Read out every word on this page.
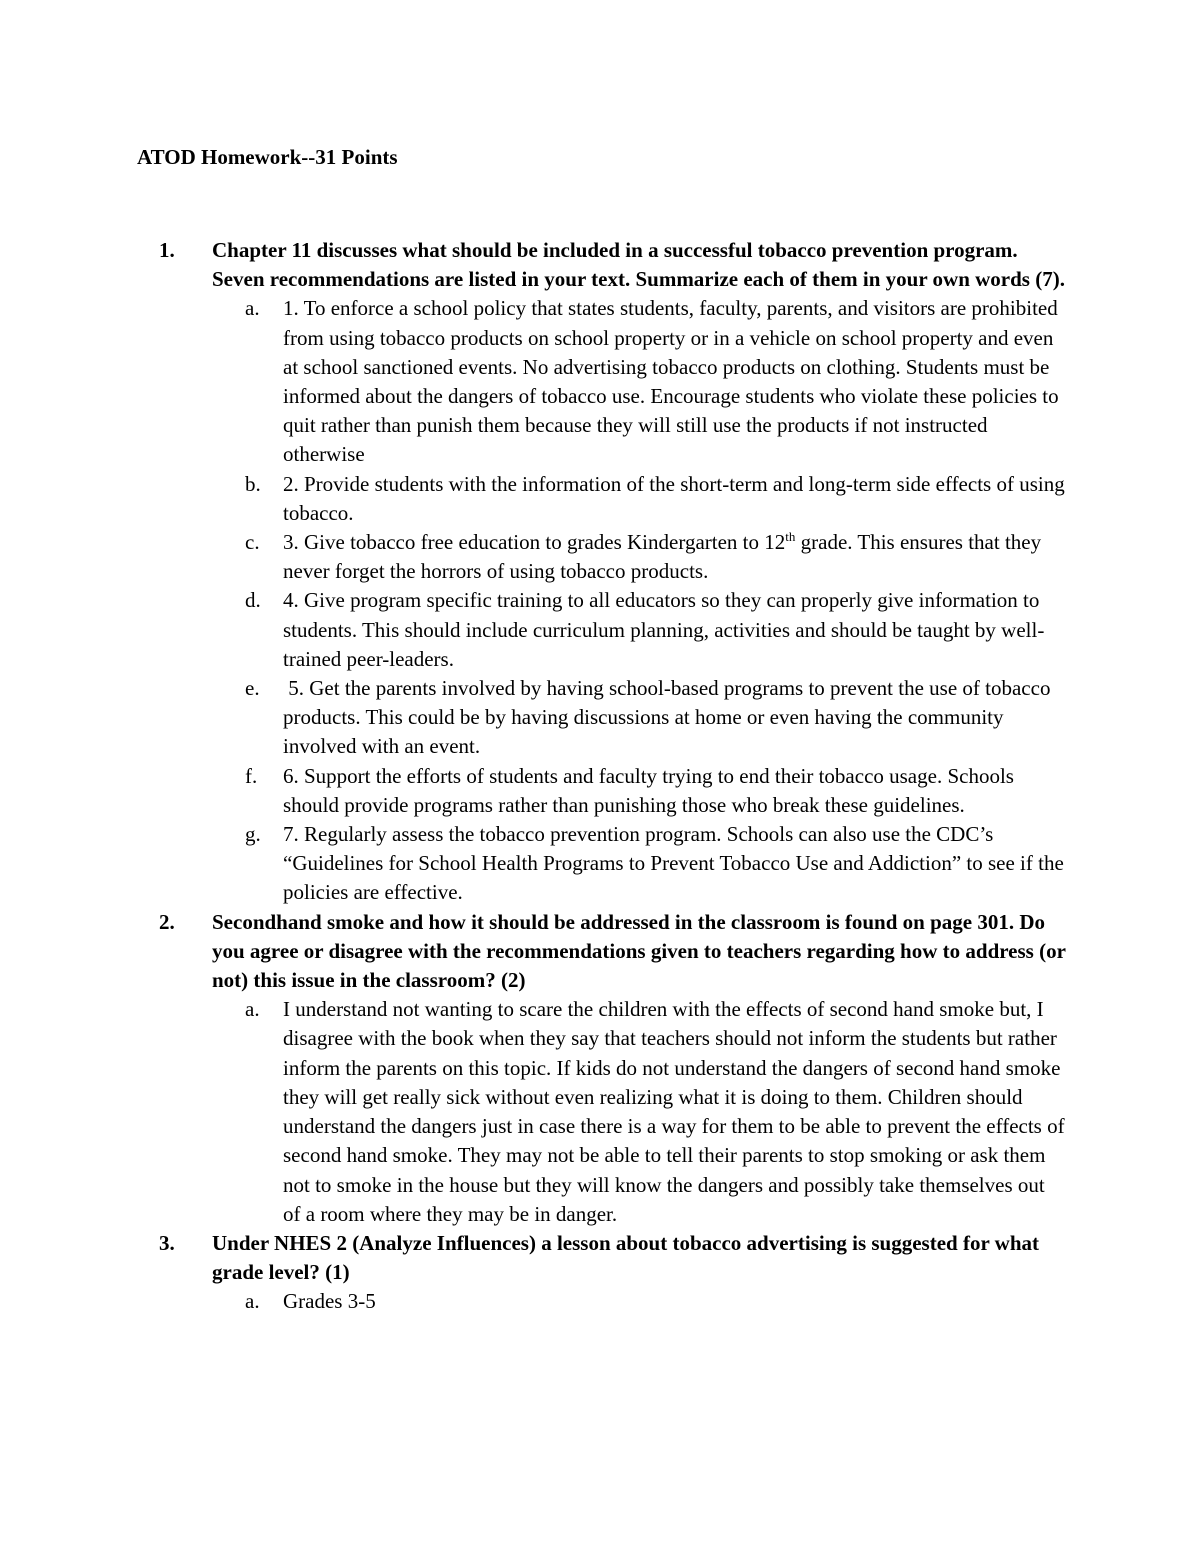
ATOD Homework--31 Points

1. Chapter 11 discusses what should be included in a successful tobacco prevention program. Seven recommendations are listed in your text. Summarize each of them in your own words (7).
a. 1. To enforce a school policy that states students, faculty, parents, and visitors are prohibited from using tobacco products on school property or in a vehicle on school property and even at school sanctioned events. No advertising tobacco products on clothing. Students must be informed about the dangers of tobacco use. Encourage students who violate these policies to quit rather than punish them because they will still use the products if not instructed otherwise
b. 2. Provide students with the information of the short-term and long-term side effects of using tobacco.
c. 3. Give tobacco free education to grades Kindergarten to 12th grade. This ensures that they never forget the horrors of using tobacco products.
d. 4. Give program specific training to all educators so they can properly give information to students. This should include curriculum planning, activities and should be taught by well-trained peer-leaders.
e. 5. Get the parents involved by having school-based programs to prevent the use of tobacco products. This could be by having discussions at home or even having the community involved with an event.
f. 6. Support the efforts of students and faculty trying to end their tobacco usage. Schools should provide programs rather than punishing those who break these guidelines.
g. 7. Regularly assess the tobacco prevention program. Schools can also use the CDC’s “Guidelines for School Health Programs to Prevent Tobacco Use and Addiction” to see if the policies are effective.
2. Secondhand smoke and how it should be addressed in the classroom is found on page 301. Do you agree or disagree with the recommendations given to teachers regarding how to address (or not) this issue in the classroom? (2)
a. I understand not wanting to scare the children with the effects of second hand smoke but, I disagree with the book when they say that teachers should not inform the students but rather inform the parents on this topic. If kids do not understand the dangers of second hand smoke they will get really sick without even realizing what it is doing to them. Children should understand the dangers just in case there is a way for them to be able to prevent the effects of second hand smoke. They may not be able to tell their parents to stop smoking or ask them not to smoke in the house but they will know the dangers and possibly take themselves out of a room where they may be in danger.
3. Under NHES 2 (Analyze Influences) a lesson about tobacco advertising is suggested for what grade level? (1)
a. Grades 3-5
